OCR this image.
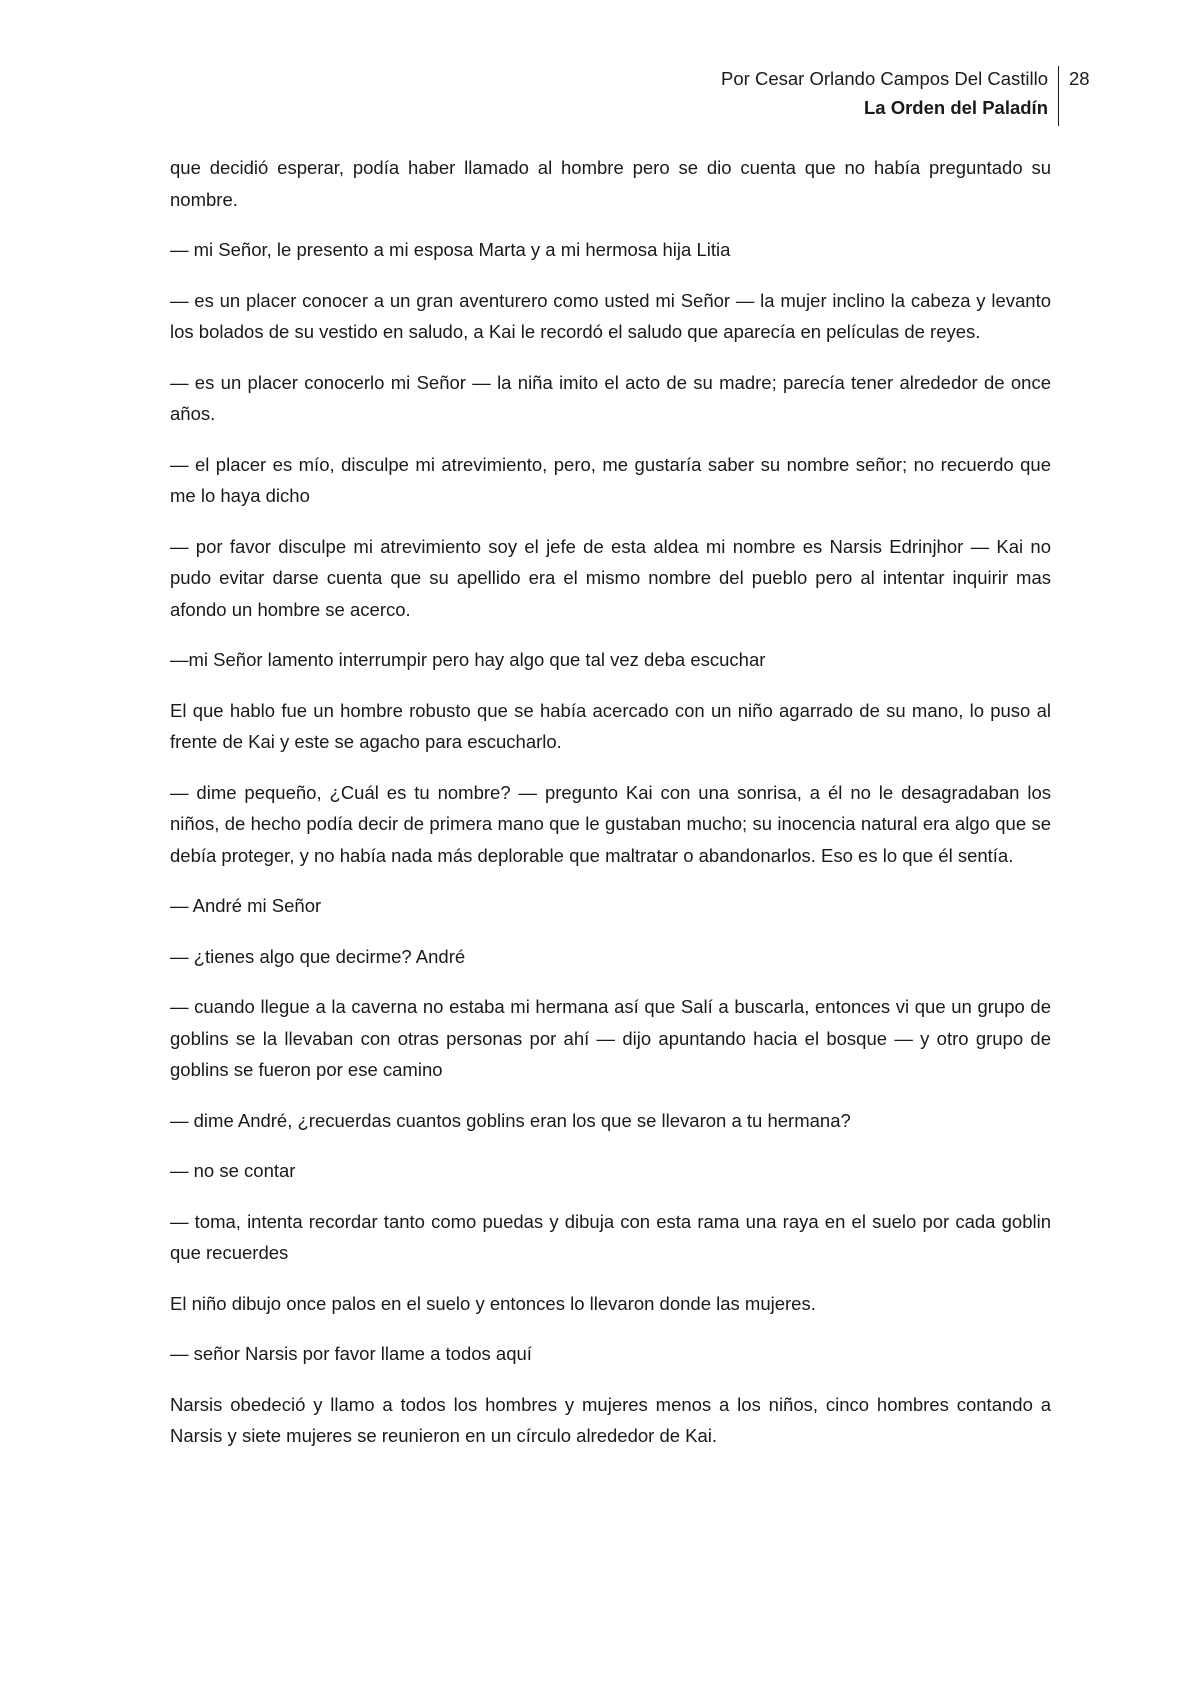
Por Cesar Orlando Campos Del Castillo
La Orden del Paladín
28

que decidió esperar, podía haber llamado al hombre pero se dio cuenta que no había preguntado su nombre.

— mi Señor, le presento a mi esposa Marta y a mi hermosa hija Litia

— es un placer conocer a un gran aventurero como usted mi Señor — la mujer inclino la cabeza y levanto los bolados de su vestido en saludo, a Kai le recordó el saludo que aparecía en películas de reyes.

— es un placer conocerlo mi Señor — la niña imito el acto de su madre; parecía tener alrededor de once años.

— el placer es mío, disculpe mi atrevimiento, pero, me gustaría saber su nombre señor; no recuerdo que me lo haya dicho

— por favor disculpe mi atrevimiento soy el jefe de esta aldea mi nombre es Narsis Edrinjhor — Kai no pudo evitar darse cuenta que su apellido era el mismo nombre del pueblo pero al intentar inquirir mas afondo un hombre se acerco.

—mi Señor lamento interrumpir pero hay algo que tal vez deba escuchar

El que hablo fue un hombre robusto que se había acercado con un niño agarrado de su mano, lo puso al frente de Kai y este se agacho para escucharlo.

— dime pequeño, ¿Cuál es tu nombre? — pregunto Kai con una sonrisa, a él no le desagradaban los niños, de hecho podía decir de primera mano que le gustaban mucho; su inocencia natural era algo que se debía proteger, y no había nada más deplorable que maltratar o abandonarlos. Eso es lo que él sentía.

— André mi Señor

— ¿tienes algo que decirme? André

— cuando llegue a la caverna no estaba mi hermana así que Salí a buscarla, entonces vi que un grupo de goblins se la llevaban con otras personas por ahí — dijo apuntando hacia el bosque — y otro grupo de goblins se fueron por ese camino

— dime André, ¿recuerdas cuantos goblins eran los que se llevaron a tu hermana?

— no se contar

— toma, intenta recordar tanto como puedas y dibuja con esta rama una raya en el suelo por cada goblin que recuerdes

El niño dibujo once palos en el suelo y entonces lo llevaron donde las mujeres.

— señor Narsis por favor llame a todos aquí

Narsis obedeció y llamo a todos los hombres y mujeres menos a los niños, cinco hombres contando a Narsis y siete mujeres se reunieron en un círculo alrededor de Kai.
